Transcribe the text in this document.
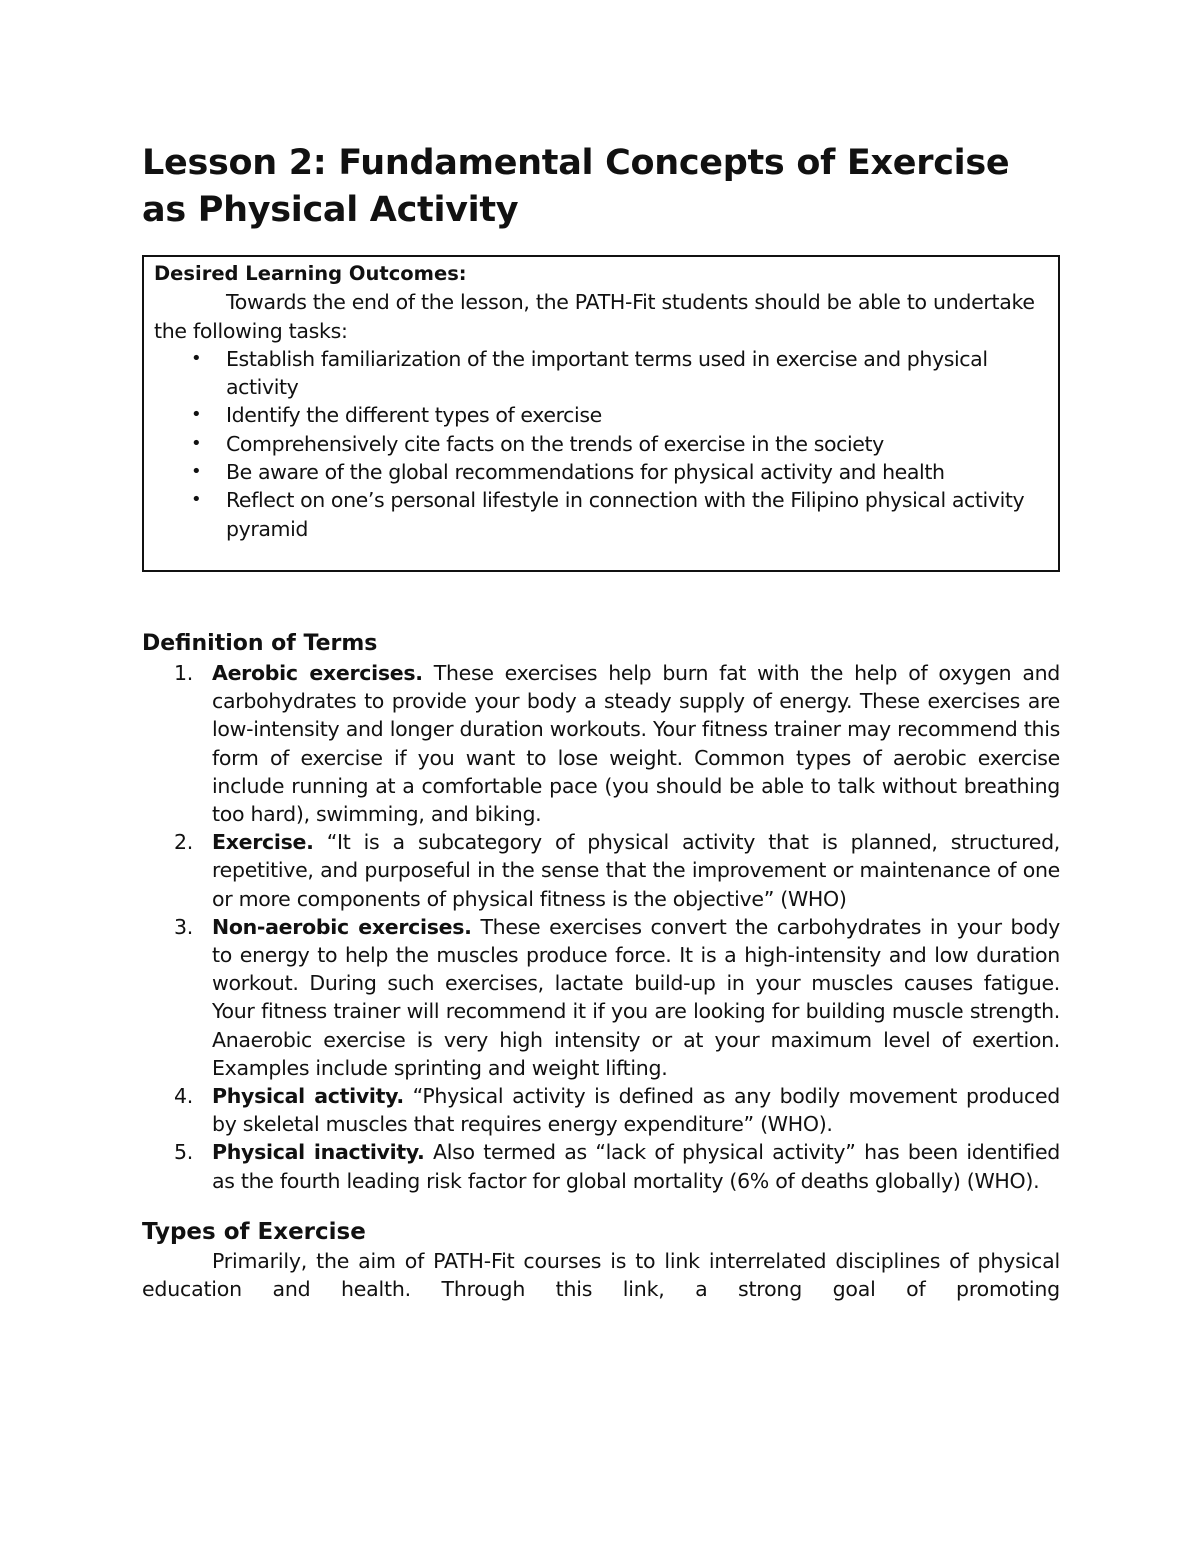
Lesson 2: Fundamental Concepts of Exercise as Physical Activity

Desired Learning Outcomes:

Towards the end of the lesson, the PATH-Fit students should be able to undertake the following tasks:

• Establish familiarization of the important terms used in exercise and physical activity
• Identify the different types of exercise
• Comprehensively cite facts on the trends of exercise in the society
• Be aware of the global recommendations for physical activity and health
• Reflect on one’s personal lifestyle in connection with the Filipino physical activity pyramid
Definition of Terms
1. Aerobic exercises. These exercises help burn fat with the help of oxygen and carbohydrates to provide your body a steady supply of energy. These exercises are low-intensity and longer duration workouts. Your fitness trainer may recommend this form of exercise if you want to lose weight. Common types of aerobic exercise include running at a comfortable pace (you should be able to talk without breathing too hard), swimming, and biking.
2. Exercise. “It is a subcategory of physical activity that is planned, structured, repetitive, and purposeful in the sense that the improvement or maintenance of one or more components of physical fitness is the objective” (WHO)
3. Non-aerobic exercises. These exercises convert the carbohydrates in your body to energy to help the muscles produce force. It is a high-intensity and low duration workout. During such exercises, lactate build-up in your muscles causes fatigue. Your fitness trainer will recommend it if you are looking for building muscle strength. Anaerobic exercise is very high intensity or at your maximum level of exertion. Examples include sprinting and weight lifting.
4. Physical activity. “Physical activity is defined as any bodily movement produced by skeletal muscles that requires energy expenditure” (WHO).
5. Physical inactivity. Also termed as “lack of physical activity” has been identified as the fourth leading risk factor for global mortality (6% of deaths globally) (WHO).
Types of Exercise

Primarily, the aim of PATH-Fit courses is to link interrelated disciplines of physical education and health. Through this link, a strong goal of promoting
